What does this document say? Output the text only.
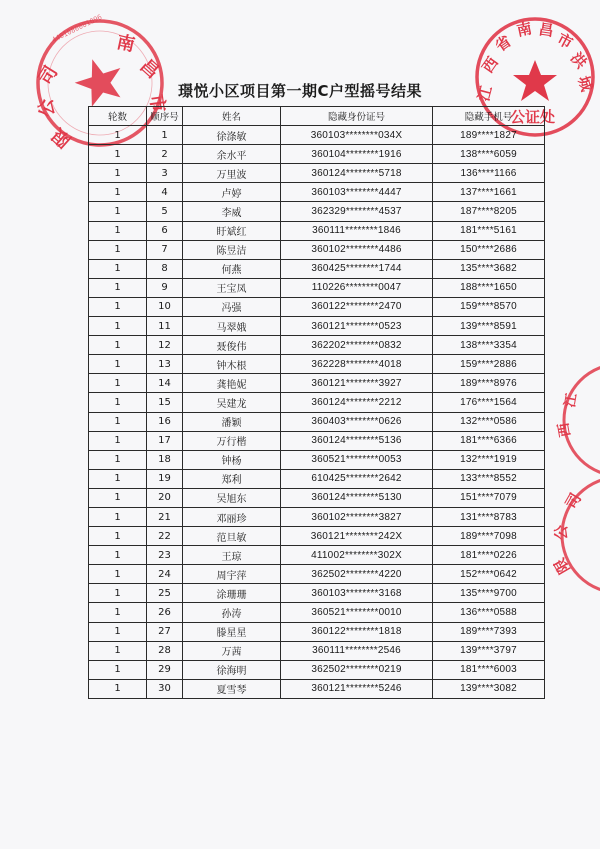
司
公
限
南
昌
市
4401080001096
江
西
省
南 昌 市
洪
城
公证处
江
西
司
公
限
璟悦小区项目第一期C户型摇号结果
轮数	顺序号	姓名	隐藏身份证号	隐藏手机号
1	1	徐涤敏	360103********034X	189****1827
1	2	余水平	360104********1916	138****6059
1	3	万里波	360124********5718	136****1166
1	4	卢婷	360103********4447	137****1661
1	5	李威	362329********4537	187****8205
1	6	盱斌红	360111********1846	181****5161
1	7	陈昱洁	360102********4486	150****2686
1	8	何燕	360425********1744	135****3682
1	9	王宝凤	110226********0047	188****1650
1	10	冯强	360122********2470	159****8570
1	11	马翠娥	360121********0523	139****8591
1	12	聂俊伟	362202********0832	138****3354
1	13	钟木根	362228********4018	159****2886
1	14	龚艳妮	360121********3927	189****8976
1	15	吴建龙	360124********2212	176****1564
1	16	潘颖	360403********0626	132****0586
1	17	万行楷	360124********5136	181****6366
1	18	钟杨	360521********0053	132****1919
1	19	郑利	610425********2642	133****8552
1	20	吴旭东	360124********5130	151****7079
1	21	邓丽珍	360102********3827	131****8783
1	22	范旦敏	360121********242X	189****7098
1	23	王琼	411002********302X	181****0226
1	24	周宇萍	362502********4220	152****0642
1	25	涂珊珊	360103********3168	135****9700
1	26	孙涛	360521********0010	136****0588
1	27	滕星星	360122********1818	189****7393
1	28	万茜	360111********2546	139****3797
1	29	徐海明	362502********0219	181****6003
1	30	夏雪琴	360121********5246	139****3082
